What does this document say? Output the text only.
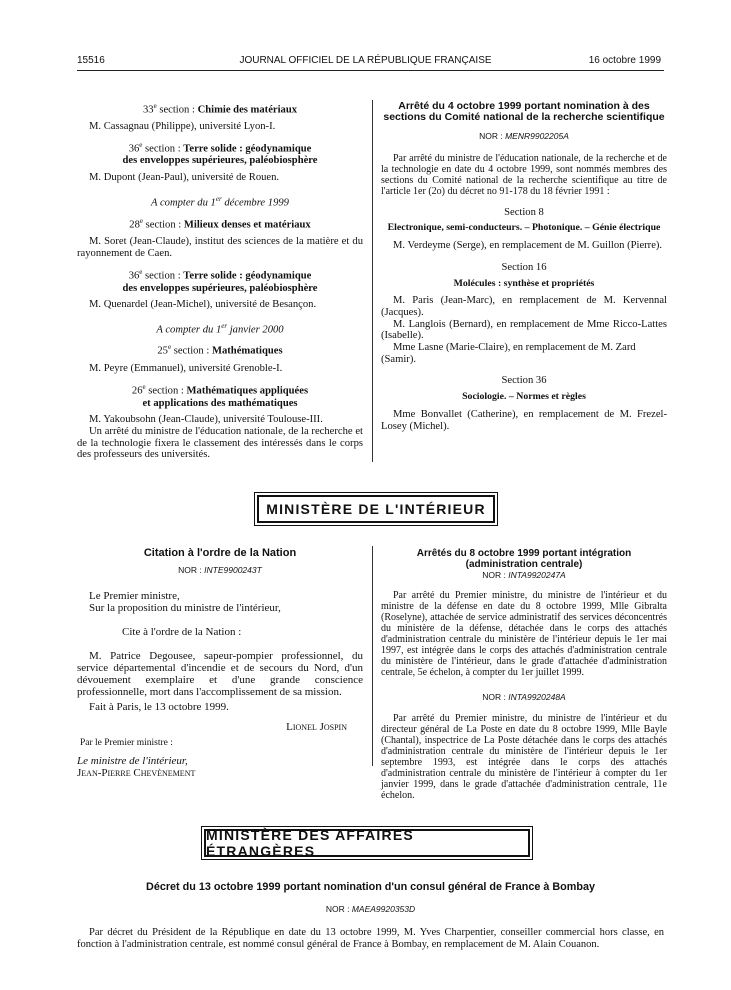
15516	JOURNAL OFFICIEL DE LA RÉPUBLIQUE FRANÇAISE	16 octobre 1999
33e section : Chimie des matériaux
M. Cassagnau (Philippe), université Lyon-I.
36e section : Terre solide : géodynamique
des enveloppes supérieures, paléobiosphère
M. Dupont (Jean-Paul), université de Rouen.
A compter du 1er décembre 1999
28e section : Milieux denses et matériaux
M. Soret (Jean-Claude), institut des sciences de la matière et du rayonnement de Caen.
36e section : Terre solide : géodynamique
des enveloppes supérieures, paléobiosphère
M. Quenardel (Jean-Michel), université de Besançon.
A compter du 1er janvier 2000
25e section : Mathématiques
M. Peyre (Emmanuel), université Grenoble-I.
26e section : Mathématiques appliquées
et applications des mathématiques
M. Yakoubsohn (Jean-Claude), université Toulouse-III.
Un arrêté du ministre de l'éducation nationale, de la recherche et de la technologie fixera le classement des intéressés dans le corps des professeurs des universités.
Arrêté du 4 octobre 1999 portant nomination à des sections du Comité national de la recherche scientifique
NOR : MENR9902205A
Par arrêté du ministre de l'éducation nationale, de la recherche et de la technologie en date du 4 octobre 1999, sont nommés membres des sections du Comité national de la recherche scientifique au titre de l'article 1er (2o) du décret no 91-178 du 18 février 1991 :
Section 8
Electronique, semi-conducteurs. – Photonique. – Génie électrique
M. Verdeyme (Serge), en remplacement de M. Guillon (Pierre).
Section 16
Molécules : synthèse et propriétés
M. Paris (Jean-Marc), en remplacement de M. Kervennal (Jacques).
M. Langlois (Bernard), en remplacement de Mme Ricco-Lattes (Isabelle).
Mme Lasne (Marie-Claire), en remplacement de M. Zard (Samir).
Section 36
Sociologie. – Normes et règles
Mme Bonvallet (Catherine), en remplacement de M. Frezel-Losey (Michel).
MINISTÈRE DE L'INTÉRIEUR
Citation à l'ordre de la Nation
NOR : INTE9900243T
Le Premier ministre,
Sur la proposition du ministre de l'intérieur,
Cite à l'ordre de la Nation :
M. Patrice Degousee, sapeur-pompier professionnel, du service départemental d'incendie et de secours du Nord, d'un dévouement exemplaire et d'une grande conscience professionnelle, mort dans l'accomplissement de sa mission.
Fait à Paris, le 13 octobre 1999.
Lionel Jospin
Par le Premier ministre :
Le ministre de l'intérieur,
Jean-Pierre Chevènement
Arrêtés du 8 octobre 1999 portant intégration (administration centrale)
NOR : INTA9920247A
Par arrêté du Premier ministre, du ministre de l'intérieur et du ministre de la défense en date du 8 octobre 1999, Mlle Gibralta (Roselyne), attachée de service administratif des services déconcentrés du ministère de la défense, détachée dans le corps des attachés d'administration centrale du ministère de l'intérieur depuis le 1er mai 1997, est intégrée dans le corps des attachés d'administration centrale du ministère de l'intérieur, dans le grade d'attachée d'administration centrale, 5e échelon, à compter du 1er juillet 1999.
NOR : INTA9920248A
Par arrêté du Premier ministre, du ministre de l'intérieur et du directeur général de La Poste en date du 8 octobre 1999, Mlle Bayle (Chantal), inspectrice de La Poste détachée dans le corps des attachés d'administration centrale du ministère de l'intérieur depuis le 1er septembre 1993, est intégrée dans le corps des attachés d'administration centrale du ministère de l'intérieur à compter du 1er janvier 1999, dans le grade d'attachée d'administration centrale, 11e échelon.
MINISTÈRE DES AFFAIRES ÉTRANGÈRES
Décret du 13 octobre 1999 portant nomination d'un consul général de France à Bombay
NOR : MAEA9920353D
Par décret du Président de la République en date du 13 octobre 1999, M. Yves Charpentier, conseiller commercial hors classe, en fonction à l'administration centrale, est nommé consul général de France à Bombay, en remplacement de M. Alain Couanon.
